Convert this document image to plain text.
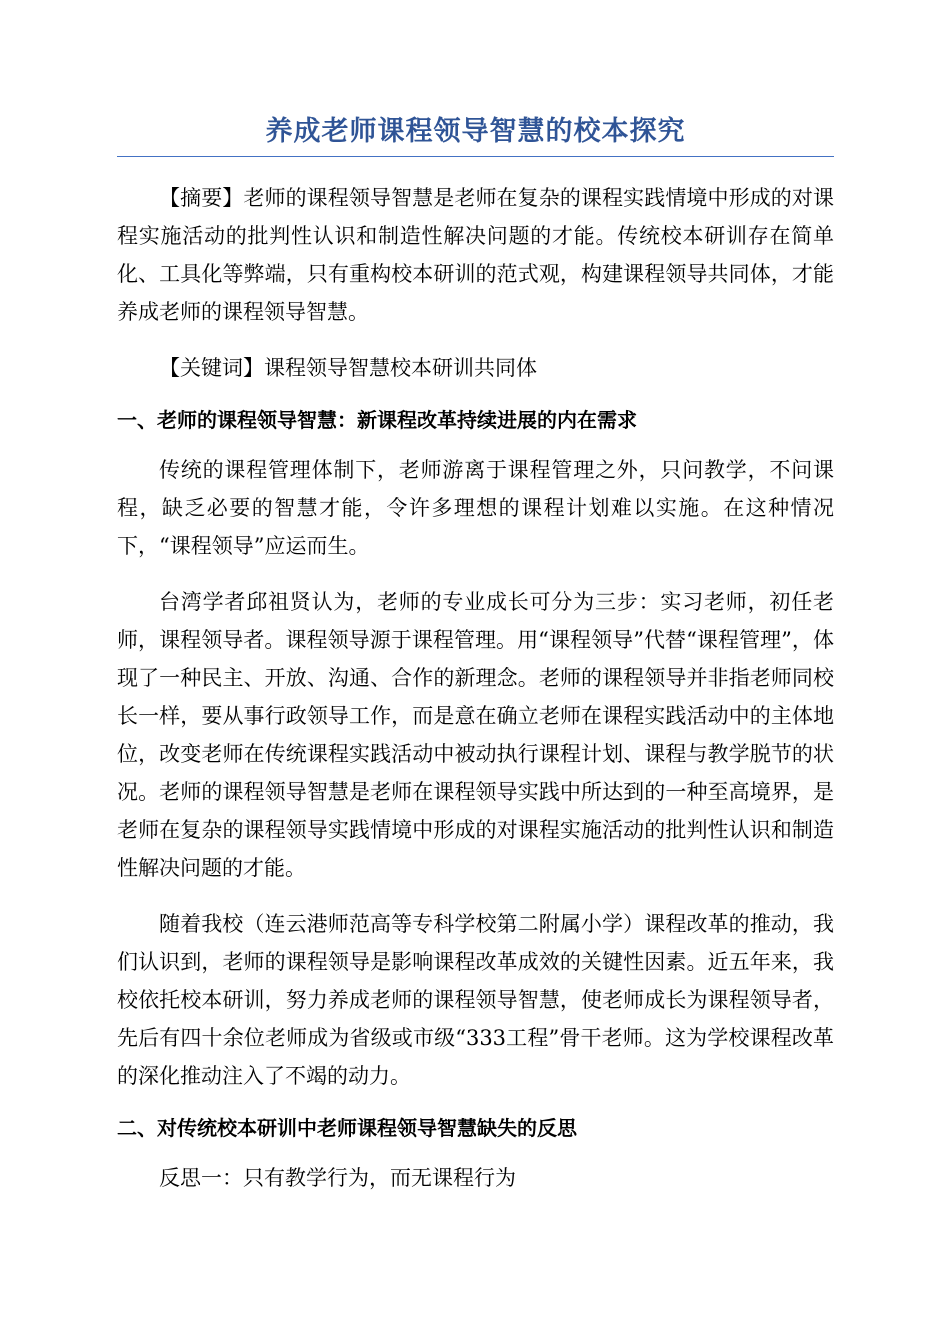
养成老师课程领导智慧的校本探究

【摘要】老师的课程领导智慧是老师在复杂的课程实践情境中形成的对课程实施活动的批判性认识和制造性解决问题的才能。传统校本研训存在简单化、工具化等弊端，只有重构校本研训的范式观，构建课程领导共同体，才能养成老师的课程领导智慧。

【关键词】课程领导智慧校本研训共同体

一、老师的课程领导智慧：新课程改革持续进展的内在需求

传统的课程管理体制下，老师游离于课程管理之外，只问教学，不问课程，缺乏必要的智慧才能，令许多理想的课程计划难以实施。在这种情况下，“课程领导”应运而生。

台湾学者邱祖贤认为，老师的专业成长可分为三步：实习老师，初任老师，课程领导者。课程领导源于课程管理。用“课程领导”代替“课程管理”，体现了一种民主、开放、沟通、合作的新理念。老师的课程领导并非指老师同校长一样，要从事行政领导工作，而是意在确立老师在课程实践活动中的主体地位，改变老师在传统课程实践活动中被动执行课程计划、课程与教学脱节的状况。老师的课程领导智慧是老师在课程领导实践中所达到的一种至高境界，是老师在复杂的课程领导实践情境中形成的对课程实施活动的批判性认识和制造性解决问题的才能。

随着我校（连云港师范高等专科学校第二附属小学）课程改革的推动，我们认识到，老师的课程领导是影响课程改革成效的关键性因素。近五年来，我校依托校本研训，努力养成老师的课程领导智慧，使老师成长为课程领导者，先后有四十余位老师成为省级或市级“333工程”骨干老师。这为学校课程改革的深化推动注入了不竭的动力。

二、对传统校本研训中老师课程领导智慧缺失的反思

反思一：只有教学行为，而无课程行为
